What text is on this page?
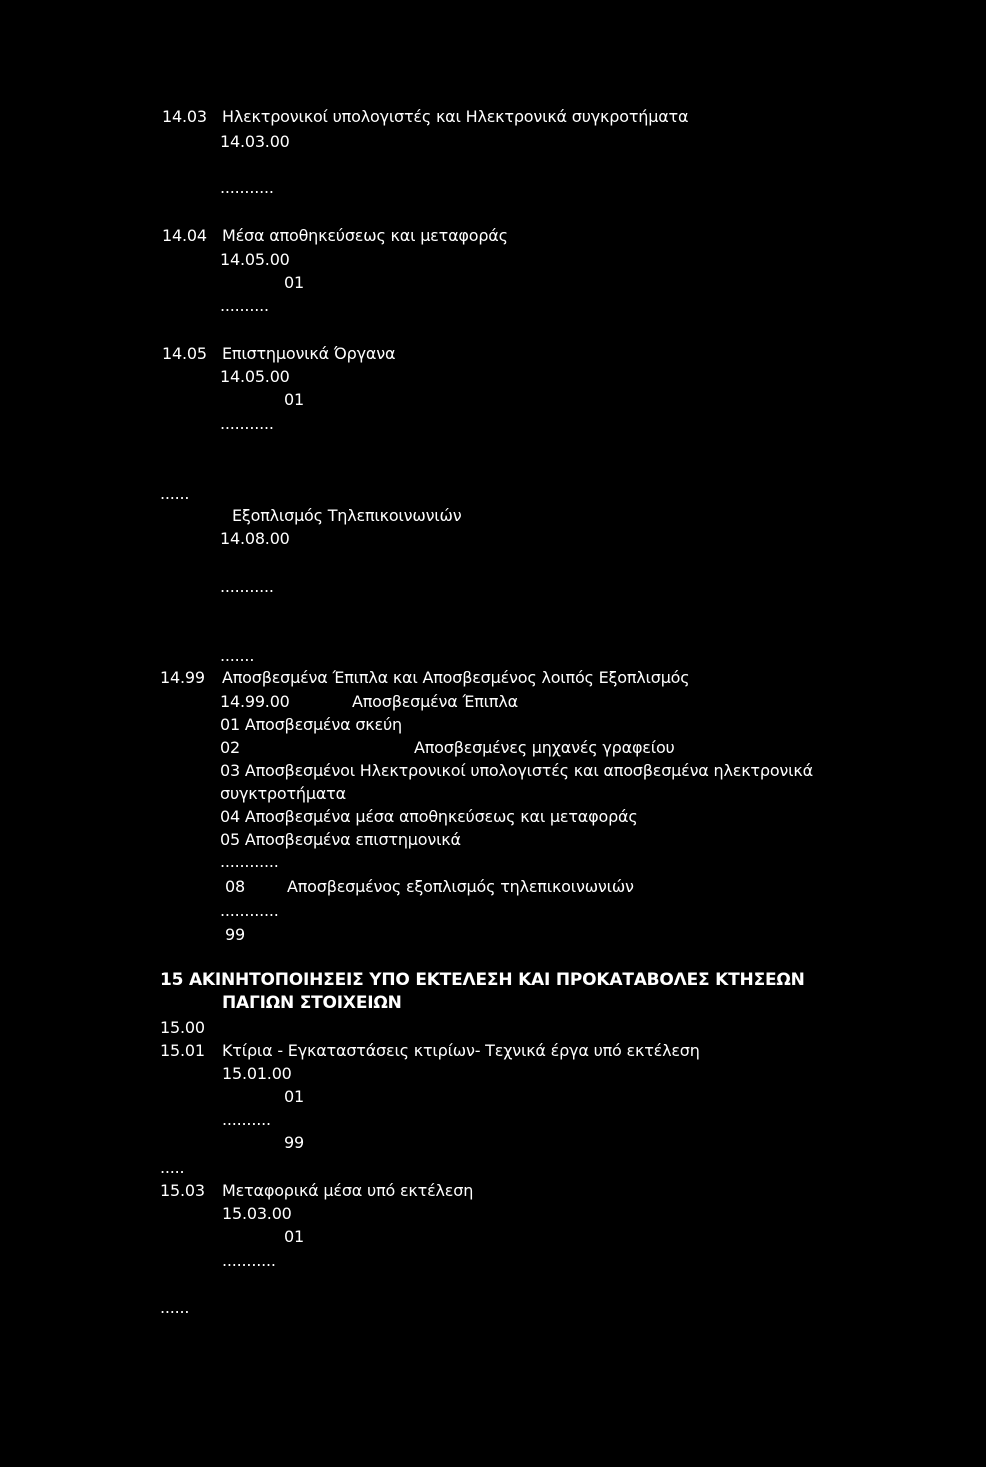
14.03 Ηλεκτρονικοί υπολογιστές και Ηλεκτρονικά συγκροτήματα
14.03.00
...........
14.04 Μέσα αποθηκεύσεως και μεταφοράς
14.05.00
01
..........
14.05 Επιστημονικά Όργανα
14.05.00
01
...........
......
Εξοπλισμός Τηλεπικοινωνιών
14.08.00
...........
.......
14.99 Αποσβεσμένα Έπιπλα και Αποσβεσμένος λοιπός Εξοπλισμός
14.99.00	Αποσβεσμένα Έπιπλα
01 Αποσβεσμένα σκεύη
02	Αποσβεσμένες μηχανές γραφείου
03 Αποσβεσμένοι Ηλεκτρονικοί υπολογιστές και αποσβεσμένα ηλεκτρονικά
συγκτροτήματα
04 Αποσβεσμένα μέσα αποθηκεύσεως και μεταφοράς
05 Αποσβεσμένα επιστημονικά
............
08	Αποσβεσμένος εξοπλισμός τηλεπικοινωνιών
............
99
15 ΑΚΙΝΗΤΟΠΟΙΗΣΕΙΣ ΥΠΟ ΕΚΤΕΛΕΣΗ ΚΑΙ ΠΡΟΚΑΤΑΒΟΛΕΣ ΚΤΗΣΕΩΝ
ΠΑΓΙΩΝ ΣΤΟΙΧΕΙΩΝ
15.00
15.01 Κτίρια - Εγκαταστάσεις κτιρίων- Τεχνικά έργα υπό εκτέλεση
15.01.00
01
..........
99
.....
15.03 Μεταφορικά μέσα υπό εκτέλεση
15.03.00
01
...........
......
